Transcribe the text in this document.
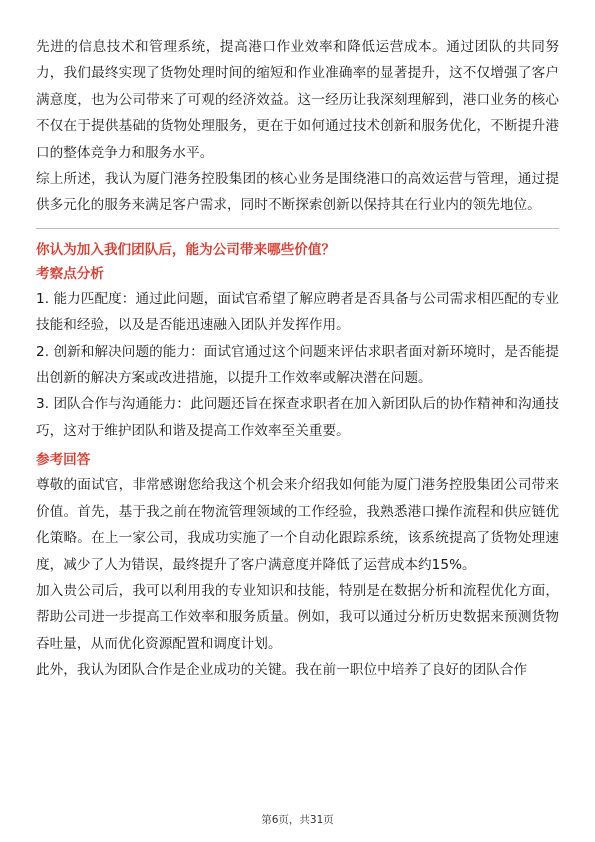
先进的信息技术和管理系统，提高港口作业效率和降低运营成本。通过团队的共同努力，我们最终实现了货物处理时间的缩短和作业准确率的显著提升，这不仅增强了客户满意度，也为公司带来了可观的经济效益。这一经历让我深刻理解到，港口业务的核心不仅在于提供基础的货物处理服务，更在于如何通过技术创新和服务优化，不断提升港口的整体竞争力和服务水平。

综上所述，我认为厦门港务控股集团的核心业务是围绕港口的高效运营与管理，通过提供多元化的服务来满足客户需求，同时不断探索创新以保持其在行业内的领先地位。

你认为加入我们团队后，能为公司带来哪些价值？
考察点分析

1. 能力匹配度：通过此问题，面试官希望了解应聘者是否具备与公司需求相匹配的专业技能和经验，以及是否能迅速融入团队并发挥作用。

2. 创新和解决问题的能力：面试官通过这个问题来评估求职者面对新环境时，是否能提出创新的解决方案或改进措施，以提升工作效率或解决潜在问题。

3. 团队合作与沟通能力：此问题还旨在探查求职者在加入新团队后的协作精神和沟通技巧，这对于维护团队和谐及提高工作效率至关重要。

参考回答

尊敬的面试官，非常感谢您给我这个机会来介绍我如何能为厦门港务控股集团公司带来价值。首先，基于我之前在物流管理领域的工作经验，我熟悉港口操作流程和供应链优化策略。在上一家公司，我成功实施了一个自动化跟踪系统，该系统提高了货物处理速度，减少了人为错误，最终提升了客户满意度并降低了运营成本约15%。

加入贵公司后，我可以利用我的专业知识和技能，特别是在数据分析和流程优化方面，帮助公司进一步提高工作效率和服务质量。例如，我可以通过分析历史数据来预测货物吞吐量，从而优化资源配置和调度计划。

此外，我认为团队合作是企业成功的关键。我在前一职位中培养了良好的团队合作

第6页，共31页
